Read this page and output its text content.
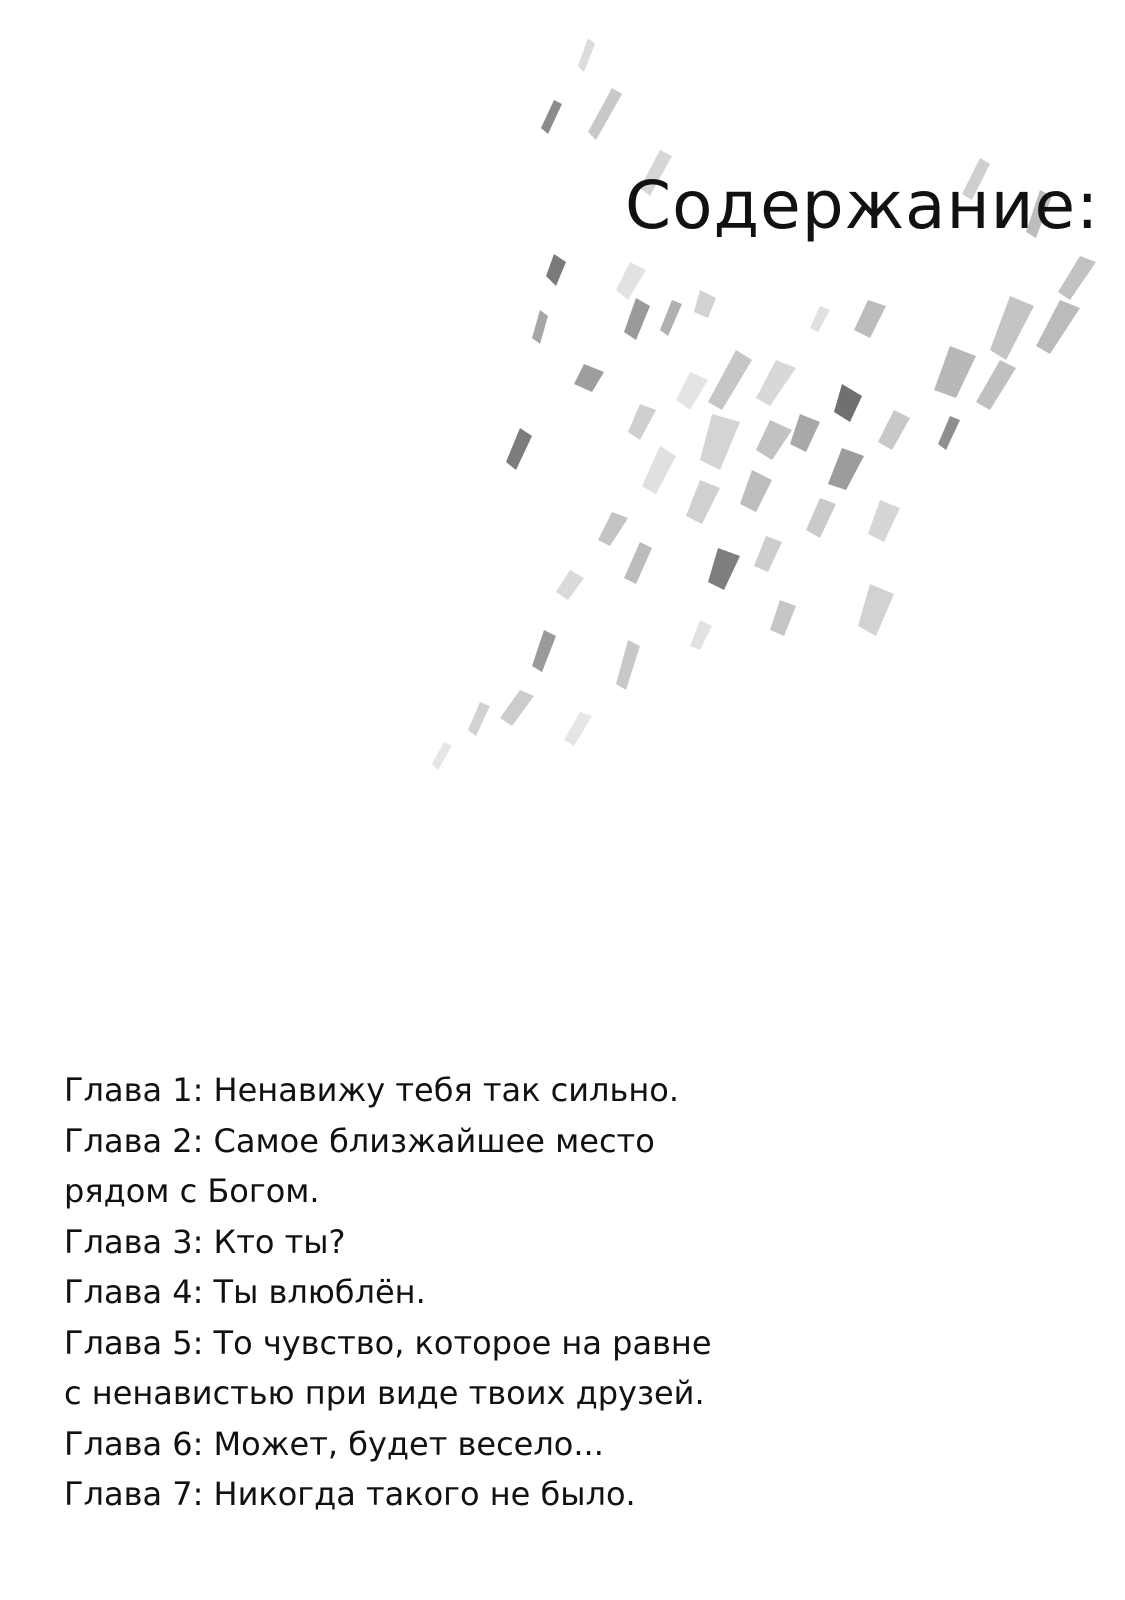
Содержание:
Глава 1: Ненавижу тебя так сильно.
Глава 2: Самое близжайшее место
рядом с Богом.
Глава 3: Кто ты?
Глава 4: Ты влюблён.
Глава 5: То чувство, которое на равне
с ненавистью при виде твоих друзей.
Глава 6: Может, будет весело...
Глава 7: Никогда такого не было.
